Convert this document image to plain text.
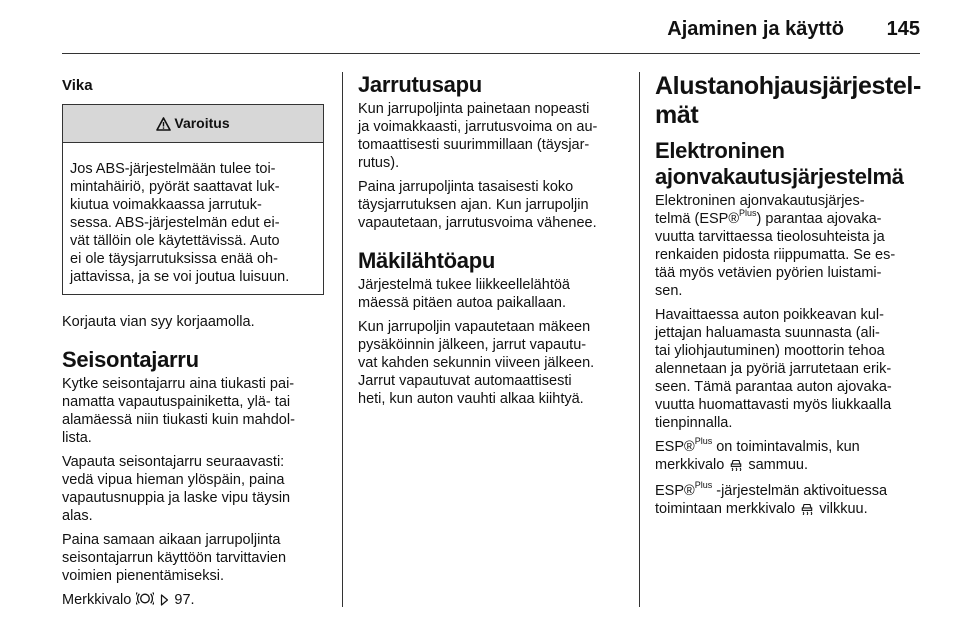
Ajaminen ja käyttö 145
Vika
Varoitus
Jos ABS-järjestelmään tulee toi-
mintahäiriö, pyörät saattavat luk-
kiutua voimakkaassa jarrutuk-
sessa. ABS-järjestelmän edut ei-
vät tällöin ole käytettävissä. Auto
ei ole täysjarrutuksissa enää oh-
jattavissa, ja se voi joutua luisuun.

Korjauta vian syy korjaamolla.

Seisontajarru

Kytke seisontajarru aina tiukasti pai-
namatta vapautuspainiketta, ylä- tai
alamäessä niin tiukasti kuin mahdol-
lista.

Vapauta seisontajarru seuraavasti:
vedä vipua hieman ylöspäin, paina
vapautusnuppia ja laske vipu täysin
alas.

Paina samaan aikaan jarrupoljinta
seisontajarrun käyttöön tarvittavien
voimien pienentämiseksi.

Merkkivalo	97.

Jarrutusapu

Kun jarrupoljinta painetaan nopeasti
ja voimakkaasti, jarrutusvoima on au-
tomaattisesti suurimmillaan (täysjar-
rutus).

Paina jarrupoljinta tasaisesti koko
täysjarrutuksen ajan. Kun jarrupoljin
vapautetaan, jarrutusvoima vähenee.

Mäkilähtöapu

Järjestelmä tukee liikkeellelähtöä
mäessä pitäen autoa paikallaan.

Kun jarrupoljin vapautetaan mäkeen
pysäköinnin jälkeen, jarrut vapautu-
vat kahden sekunnin viiveen jälkeen.
Jarrut vapautuvat automaattisesti
heti, kun auton vauhti alkaa kiihtyä.

Alustanohjausjärjestel-
mät
Elektroninen
ajonvakautusjärjestelmä

Elektroninen ajonvakautusjärjes-
telmä (ESP®$^{Plus}$) parantaa ajovaka-
vuutta tarvittaessa tieolosuhteista ja
renkaiden pidosta riippumatta. Se es-
tää myös vetävien pyörien luistami-
sen.

Havaittaessa auton poikkeavan kul-
jettajan haluamasta suunnasta (ali-
tai yliohjautuminen) moottorin tehoa
alennetaan ja pyöriä jarrutetaan erik-
seen. Tämä parantaa auton ajovaka-
vuutta huomattavasti myös liukkaalla
tienpinnalla.

ESP®$^{Plus}$ on toimintavalmis, kun
merkkivalo sammuu.

ESP®$^{Plus}$ -järjestelmän aktivoituessa
toimintaan merkkivalo vilkkuu.
